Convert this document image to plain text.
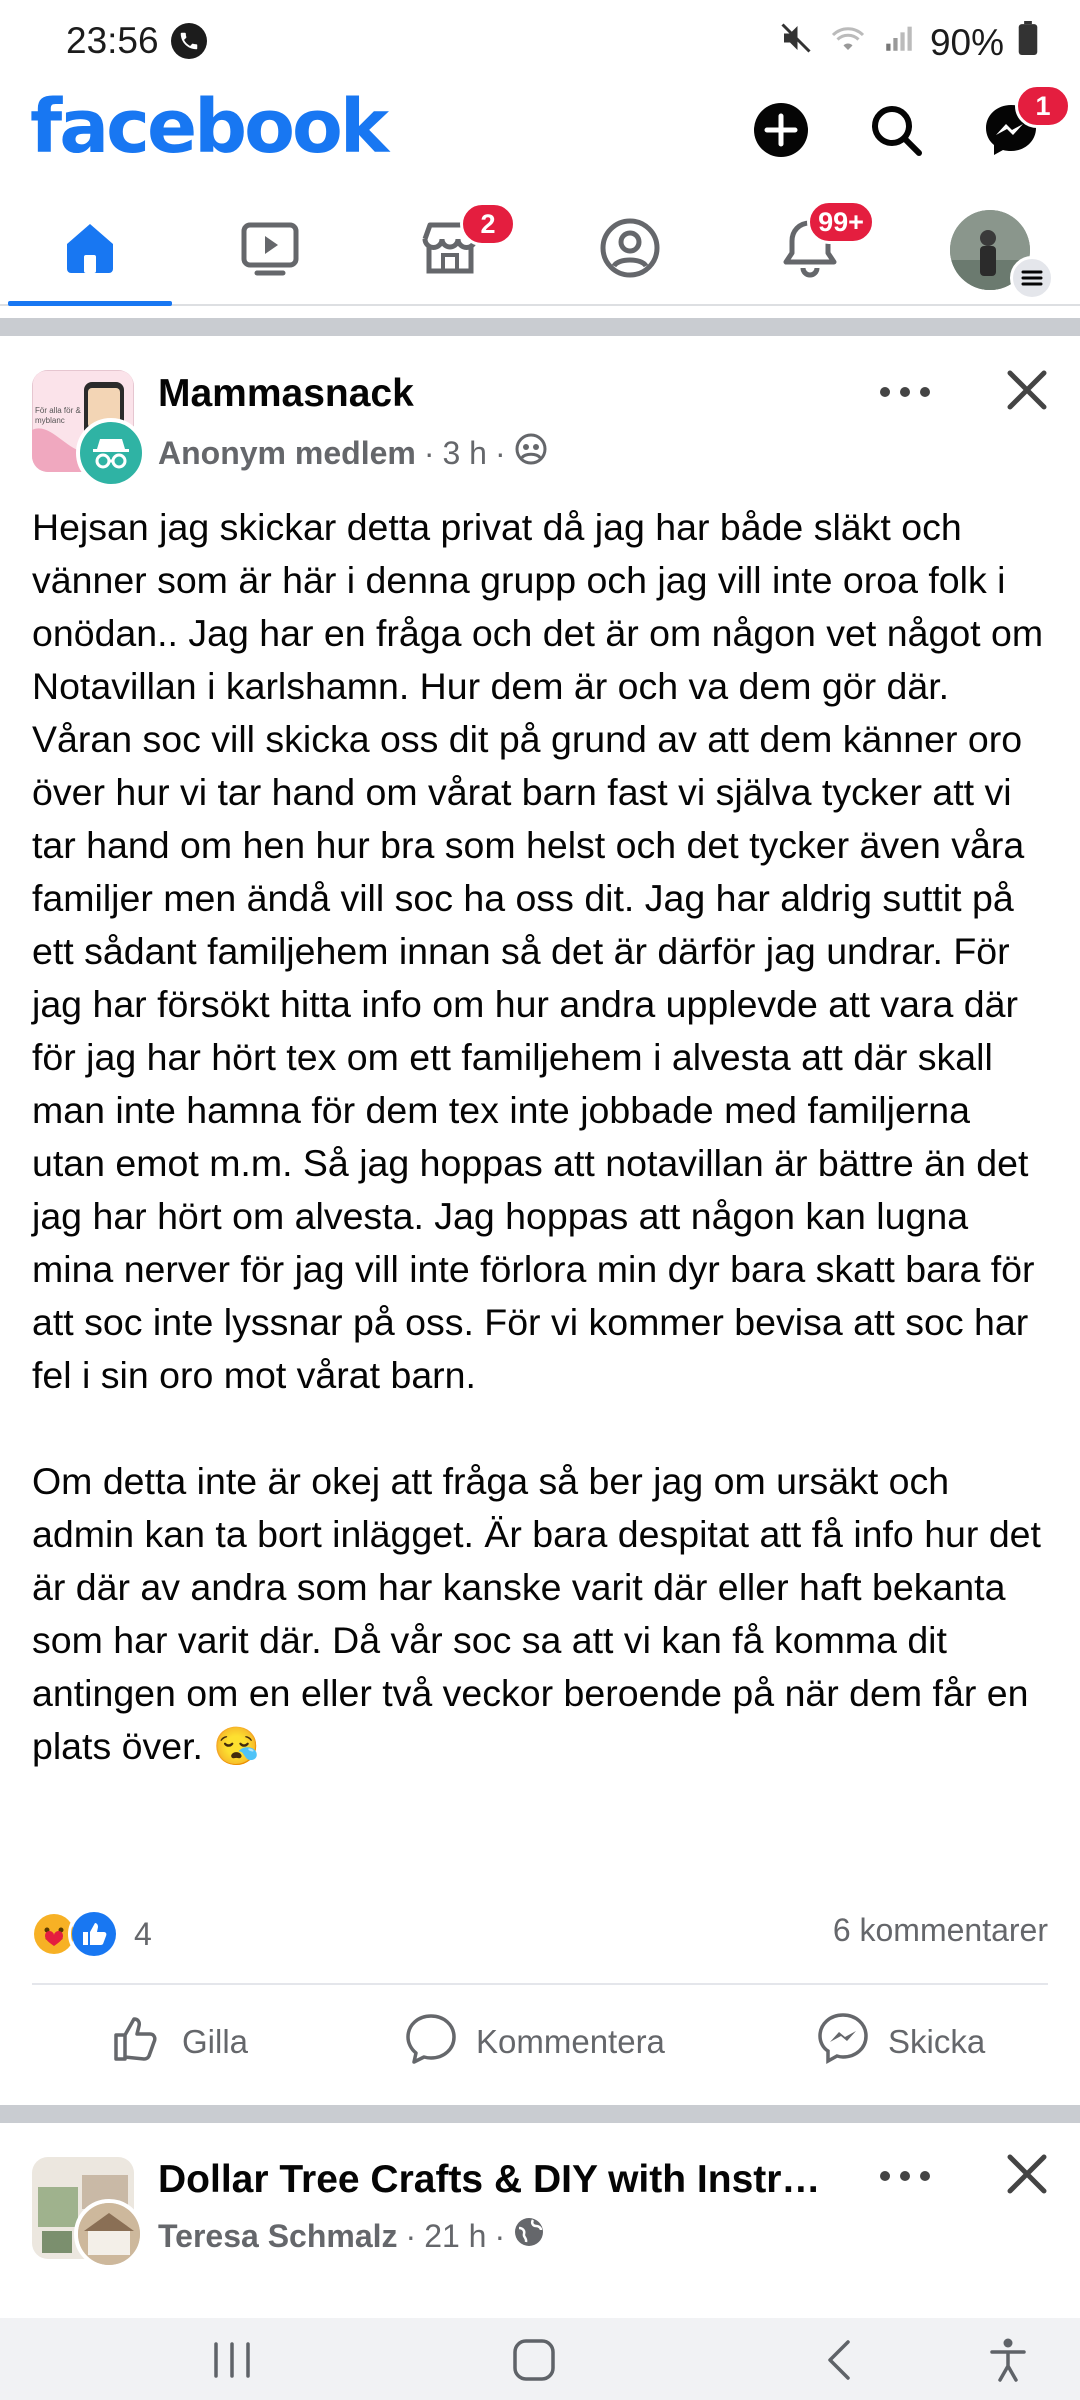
23:56	90%
facebook	1
2	99+
För alla för & myblanc
Mammasnack
Anonym medlem · 3 h ·

Hejsan jag skickar detta privat då jag har både släkt och vänner som är här i denna grupp och jag vill inte oroa folk i onödan.. Jag har en fråga och det är om någon vet något om Notavillan i karlshamn. Hur dem är och va dem gör där. Våran soc vill skicka oss dit på grund av att dem känner oro över hur vi tar hand om vårat barn fast vi själva tycker att vi tar hand om hen hur bra som helst och det tycker även våra familjer men ändå vill soc ha oss dit. Jag har aldrig suttit på ett sådant familjehem innan så det är därför jag undrar. För jag har försökt hitta info om hur andra upplevde att vara där för jag har hört tex om ett familjehem i alvesta att där skall man inte hamna för dem tex inte jobbade med familjerna utan emot m.m. Så jag hoppas att notavillan är bättre än det jag har hört om alvesta. Jag hoppas att någon kan lugna mina nerver för jag vill inte förlora min dyr bara skatt bara för att soc inte lyssnar på oss. För vi kommer bevisa att soc har fel i sin oro mot vårat barn.

Om detta inte är okej att fråga så ber jag om ursäkt och admin kan ta bort inlägget. Är bara despitat att få info hur det är där av andra som har kanske varit där eller haft bekanta som har varit där. Då vår soc sa att vi kan få komma dit antingen om en eller två veckor beroende på när dem får en plats över. 😪

4	6 kommentarer
Gilla	Kommentera	Skicka
Dollar Tree Crafts & DIY with Instr…
Teresa Schmalz · 21 h ·
